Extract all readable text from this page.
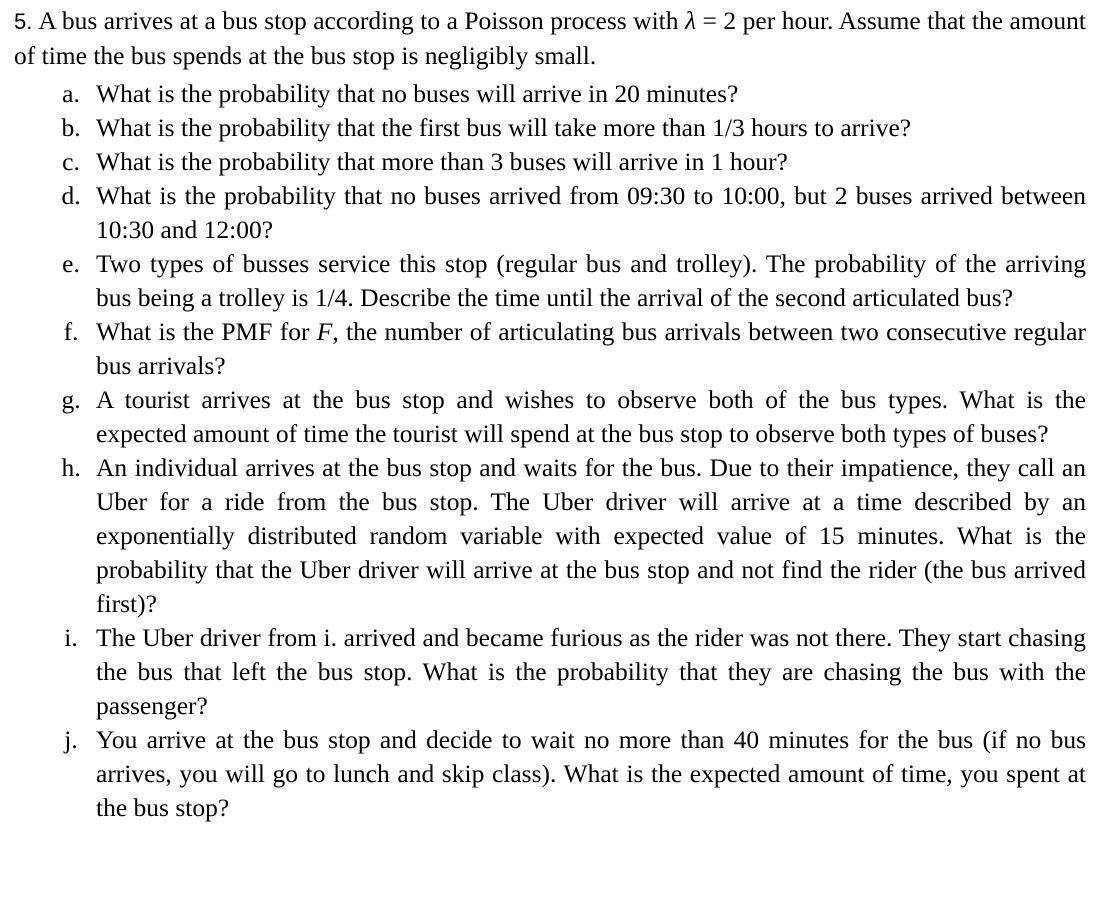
5. A bus arrives at a bus stop according to a Poisson process with λ = 2 per hour. Assume that the amount of time the bus spends at the bus stop is negligibly small.

a. What is the probability that no buses will arrive in 20 minutes?
b. What is the probability that the first bus will take more than 1/3 hours to arrive?
c. What is the probability that more than 3 buses will arrive in 1 hour?
d. What is the probability that no buses arrived from 09:30 to 10:00, but 2 buses arrived between 10:30 and 12:00?
e. Two types of busses service this stop (regular bus and trolley). The probability of the arriving bus being a trolley is 1/4. Describe the time until the arrival of the second articulated bus?
f. What is the PMF for F, the number of articulating bus arrivals between two consecutive regular bus arrivals?
g. A tourist arrives at the bus stop and wishes to observe both of the bus types. What is the expected amount of time the tourist will spend at the bus stop to observe both types of buses?
h. An individual arrives at the bus stop and waits for the bus. Due to their impatience, they call an Uber for a ride from the bus stop. The Uber driver will arrive at a time described by an exponentially distributed random variable with expected value of 15 minutes. What is the probability that the Uber driver will arrive at the bus stop and not find the rider (the bus arrived first)?
i. The Uber driver from i. arrived and became furious as the rider was not there. They start chasing the bus that left the bus stop. What is the probability that they are chasing the bus with the passenger?
j. You arrive at the bus stop and decide to wait no more than 40 minutes for the bus (if no bus arrives, you will go to lunch and skip class). What is the expected amount of time, you spent at the bus stop?
